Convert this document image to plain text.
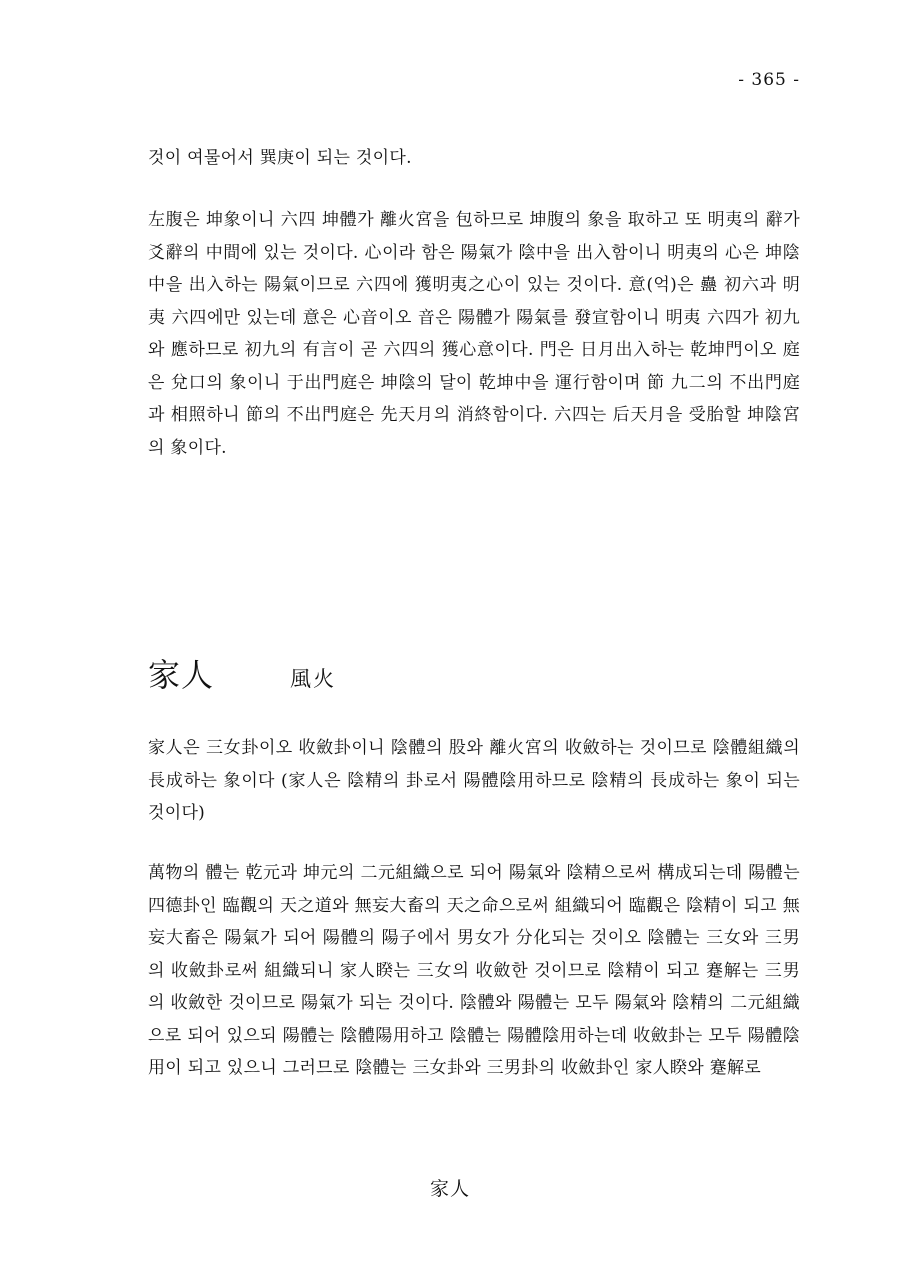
- 365 -

것이 여물어서 巽庚이 되는 것이다.

左腹은 坤象이니 六四 坤體가 離火宮을 包하므로 坤腹의 象을 取하고 또 明夷의 辭가 爻辭의 中間에 있는 것이다. 心이라 함은 陽氣가 陰中을 出入함이니 明夷의 心은 坤陰 中을 出入하는 陽氣이므로 六四에 獲明夷之心이 있는 것이다. 意(억)은 蠱 初六과 明夷 六四에만 있는데 意은 心音이오 音은 陽體가 陽氣를 發宣함이니 明夷 六四가 初九와 應하므로 初九의 有言이 곧 六四의 獲心意이다. 門은 日月出入하는 乾坤門이오 庭은 兌口의 象이니 于出門庭은 坤陰의 달이 乾坤中을 運行함이며 節 九二의 不出門庭과 相照하니 節의 不出門庭은 先天月의 消終함이다. 六四는 后天月을 受胎할 坤陰宮의 象이다.

家人	風火

家人은 三女卦이오 收斂卦이니 陰體의 股와 離火宮의 收斂하는 것이므로 陰體組織의 長成하는 象이다 (家人은 陰精의 卦로서 陽體陰用하므로 陰精의 長成하는 象이 되는 것이다)

萬物의 體는 乾元과 坤元의 二元組織으로 되어 陽氣와 陰精으로써 構成되는데 陽體는 四德卦인 臨觀의 天之道와 無妄大畜의 天之命으로써 組織되어 臨觀은 陰精이 되고 無妄大畜은 陽氣가 되어 陽體의 陽子에서 男女가 分化되는 것이오 陰體는 三女와 三男의 收斂卦로써 組織되니 家人睽는 三女의 收斂한 것이므로 陰精이 되고 蹇解는 三男의 收斂한 것이므로 陽氣가 되는 것이다. 陰體와 陽體는 모두 陽氣와 陰精의 二元組織으로 되어 있으되 陽體는 陰體陽用하고 陰體는 陽體陰用하는데 收斂卦는 모두 陽體陰用이 되고 있으니 그러므로 陰體는 三女卦와 三男卦의 收斂卦인 家人睽와 蹇解로

家人
